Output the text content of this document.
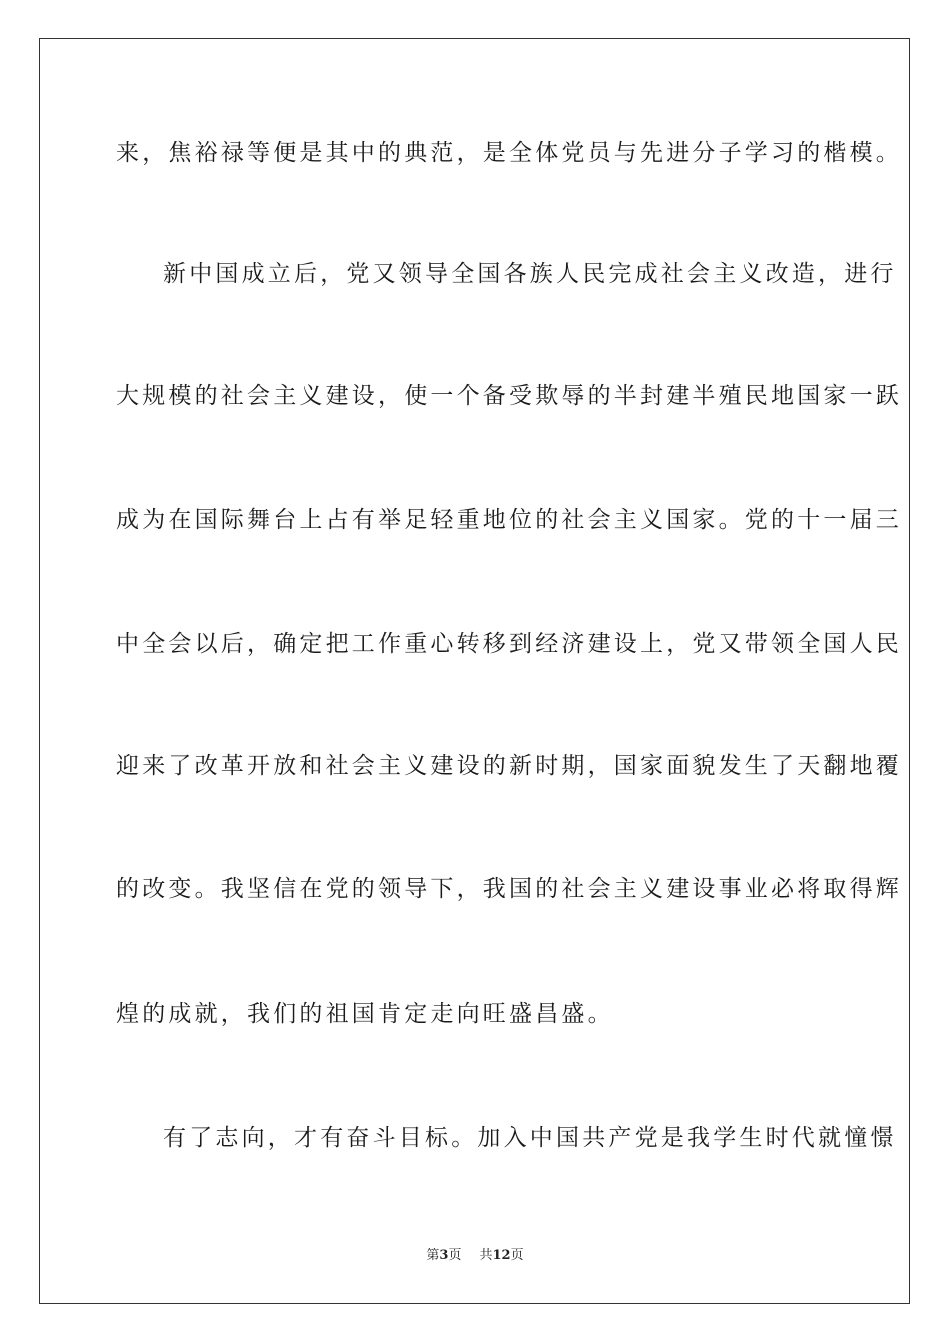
来，焦裕禄等便是其中的典范，是全体党员与先进分子学习的楷模。
新中国成立后，党又领导全国各族人民完成社会主义改造，进行
大规模的社会主义建设，使一个备受欺辱的半封建半殖民地国家一跃
成为在国际舞台上占有举足轻重地位的社会主义国家。党的十一届三
中全会以后，确定把工作重心转移到经济建设上，党又带领全国人民
迎来了改革开放和社会主义建设的新时期，国家面貌发生了天翻地覆
的改变。我坚信在党的领导下，我国的社会主义建设事业必将取得辉
煌的成就，我们的祖国肯定走向旺盛昌盛。
有了志向，才有奋斗目标。加入中国共产党是我学生时代就憧憬
第3页 共12页
